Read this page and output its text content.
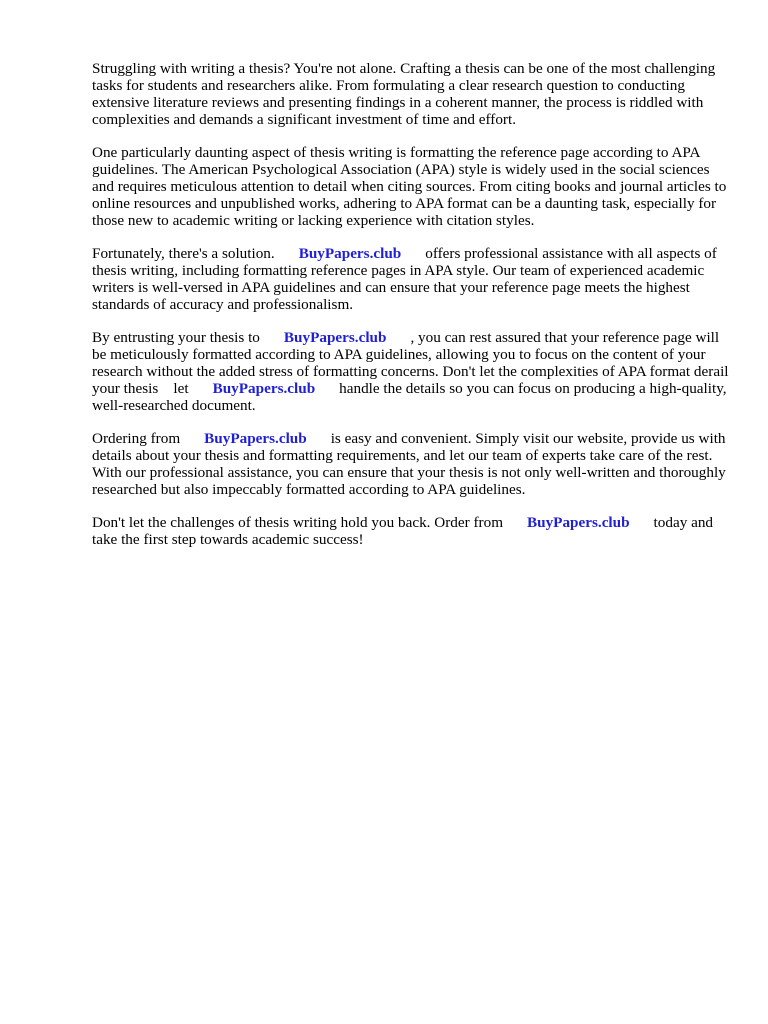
Struggling with writing a thesis? You're not alone. Crafting a thesis can be one of the most challenging tasks for students and researchers alike. From formulating a clear research question to conducting extensive literature reviews and presenting findings in a coherent manner, the process is riddled with complexities and demands a significant investment of time and effort.

One particularly daunting aspect of thesis writing is formatting the reference page according to APA guidelines. The American Psychological Association (APA) style is widely used in the social sciences and requires meticulous attention to detail when citing sources. From citing books and journal articles to online resources and unpublished works, adhering to APA format can be a daunting task, especially for those new to academic writing or lacking experience with citation styles.

Fortunately, there's a solution. BuyPapers.club offers professional assistance with all aspects of thesis writing, including formatting reference pages in APA style. Our team of experienced academic writers is well-versed in APA guidelines and can ensure that your reference page meets the highest standards of accuracy and professionalism.

By entrusting your thesis to BuyPapers.club , you can rest assured that your reference page will be meticulously formatted according to APA guidelines, allowing you to focus on the content of your research without the added stress of formatting concerns. Don't let the complexities of APA format derail your thesis let BuyPapers.club handle the details so you can focus on producing a high-quality, well-researched document.

Ordering from BuyPapers.club is easy and convenient. Simply visit our website, provide us with details about your thesis and formatting requirements, and let our team of experts take care of the rest. With our professional assistance, you can ensure that your thesis is not only well-written and thoroughly researched but also impeccably formatted according to APA guidelines.

Don't let the challenges of thesis writing hold you back. Order from BuyPapers.club today and take the first step towards academic success!
